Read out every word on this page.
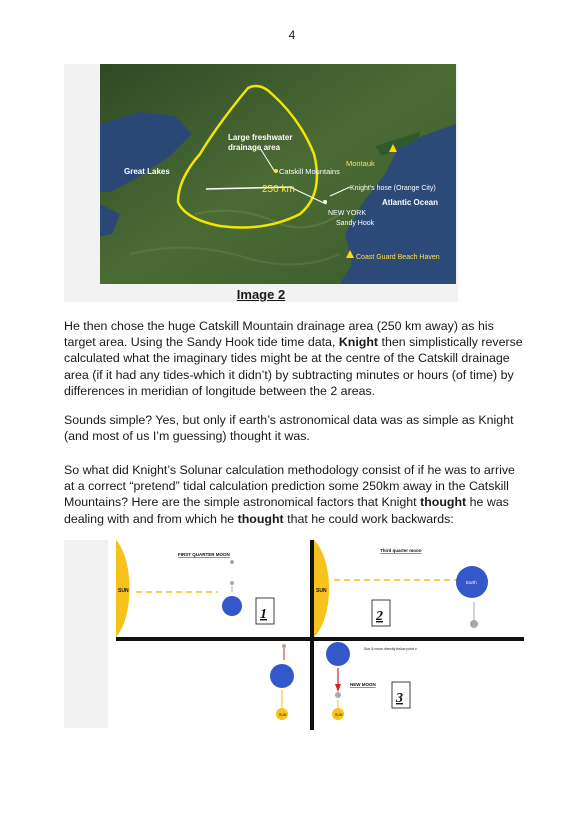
4
Great Lakes
Large freshwater
drainage area
Catskill Mountains
Montauk
250 km	Knight's hose (Orange City)
Atlantic Ocean
NEW YORK
Sandy Hook
Coast Guard Beach Haven
Image 2

He then chose the huge Catskill Mountain drainage area (250 km away) as his target area. Using the Sandy Hook tide time data, Knight then simplistically reverse calculated what the imaginary tides might be at the centre of the Catskill drainage area (if it had any tides-which it didn’t) by subtracting minutes or hours (of time) by differences in meridian of longitude between the 2 areas.

Sounds simple? Yes, but only if earth’s astronomical data was as simple as Knight (and most of us I’m guessing) thought it was.

So what did Knight’s Solunar calculation methodology consist of if he was to arrive at a correct “pretend” tidal calculation prediction some 250km away in the Catskill Mountains? Here are the simple astronomical factors that Knight thought he was dealing with and from which he thought that he could work backwards:

SUN
FIRST QUARTER MOON
1
SUN
Third quarter moon
Earth
2
SUN
Sun & moon directly below point x
NEW MOON
SUN
3
